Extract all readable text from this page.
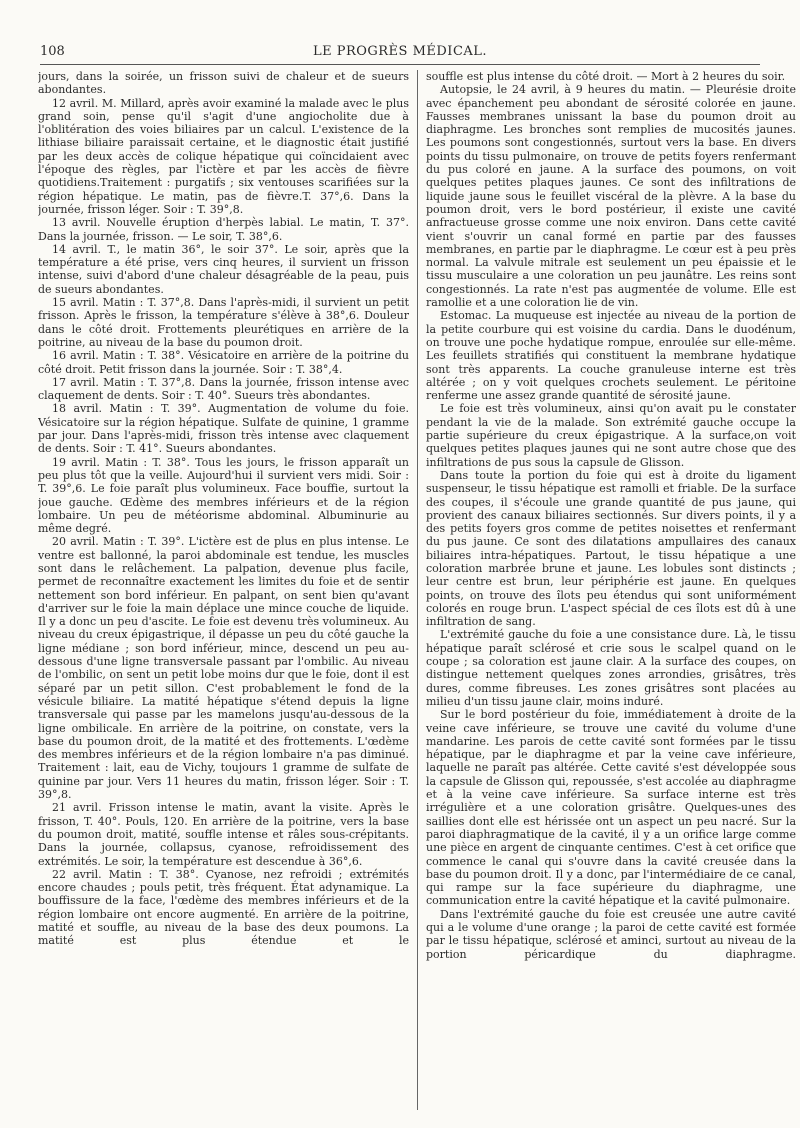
108	LE PROGRÈS MÉDICAL.

jours, dans la soirée, un frisson suivi de chaleur et de sueurs abondantes.

12 avril. M. Millard, après avoir examiné la malade avec le plus grand soin, pense qu'il s'agit d'une angiocholite due à l'oblitération des voies biliaires par un calcul. L'existence de la lithiase biliaire paraissait certaine, et le diagnostic était justifié par les deux accès de colique hépatique qui coïncidaient avec l'époque des règles, par l'ictère et par les accès de fièvre quotidiens.Traitement : purgatifs ; six ventouses scarifiées sur la région hépatique. Le matin, pas de fièvre.T. 37°,6. Dans la journée, frisson léger. Soir : T. 39°,8.

13 avril. Nouvelle éruption d'herpès labial. Le matin, T. 37°. Dans la journée, frisson. — Le soir, T. 38°,6.

14 avril. T., le matin 36°, le soir 37°. Le soir, après que la température a été prise, vers cinq heures, il survient un frisson intense, suivi d'abord d'une chaleur désagréable de la peau, puis de sueurs abondantes.

15 avril. Matin : T. 37°,8. Dans l'après-midi, il survient un petit frisson. Après le frisson, la température s'élève à 38°,6. Douleur dans le côté droit. Frottements pleurétiques en arrière de la poitrine, au niveau de la base du poumon droit.

16 avril. Matin : T. 38°. Vésicatoire en arrière de la poitrine du côté droit. Petit frisson dans la journée. Soir : T. 38°,4.

17 avril. Matin : T. 37°,8. Dans la journée, frisson intense avec claquement de dents. Soir : T. 40°. Sueurs très abondantes.

18 avril. Matin : T. 39°. Augmentation de volume du foie. Vésicatoire sur la région hépatique. Sulfate de quinine, 1 gramme par jour. Dans l'après-midi, frisson très intense avec claquement de dents. Soir : T. 41°. Sueurs abondantes.

19 avril. Matin : T. 38°. Tous les jours, le frisson apparaît un peu plus tôt que la veille. Aujourd'hui il survient vers midi. Soir : T. 39°,6. Le foie paraît plus volumineux. Face bouffie, surtout la joue gauche. Œdème des membres inférieurs et de la région lombaire. Un peu de météorisme abdominal. Albuminurie au même degré.

20 avril. Matin : T. 39°. L'ictère est de plus en plus intense. Le ventre est ballonné, la paroi abdominale est tendue, les muscles sont dans le relâchement. La palpation, devenue plus facile, permet de reconnaître exactement les limites du foie et de sentir nettement son bord inférieur. En palpant, on sent bien qu'avant d'arriver sur le foie la main déplace une mince couche de liquide. Il y a donc un peu d'ascite. Le foie est devenu très volumineux. Au niveau du creux épigastrique, il dépasse un peu du côté gauche la ligne médiane ; son bord inférieur, mince, descend un peu au-dessous d'une ligne transversale passant par l'ombilic. Au niveau de l'ombilic, on sent un petit lobe moins dur que le foie, dont il est séparé par un petit sillon. C'est probablement le fond de la vésicule biliaire. La matité hépatique s'étend depuis la ligne transversale qui passe par les mamelons jusqu'au-dessous de la ligne ombilicale. En arrière de la poitrine, on constate, vers la base du poumon droit, de la matité et des frottements. L'œdème des membres inférieurs et de la région lombaire n'a pas diminué. Traitement : lait, eau de Vichy, toujours 1 gramme de sulfate de quinine par jour. Vers 11 heures du matin, frisson léger. Soir : T. 39°,8.

21 avril. Frisson intense le matin, avant la visite. Après le frisson, T. 40°. Pouls, 120. En arrière de la poitrine, vers la base du poumon droit, matité, souffle intense et râles sous-crépitants. Dans la journée, collapsus, cyanose, refroidissement des extrémités. Le soir, la température est descendue à 36°,6.

22 avril. Matin : T. 38°. Cyanose, nez refroidi ; extrémités encore chaudes ; pouls petit, très fréquent. État adynamique. La bouffissure de la face, l'œdème des membres inférieurs et de la région lombaire ont encore augmenté. En arrière de la poitrine, matité et souffle, au niveau de la base des deux poumons. La matité est plus étendue et le

souffle est plus intense du côté droit. — Mort à 2 heures du soir.

Autopsie, le 24 avril, à 9 heures du matin. — Pleurésie droite avec épanchement peu abondant de sérosité colorée en jaune. Fausses membranes unissant la base du poumon droit au diaphragme. Les bronches sont remplies de mucosités jaunes. Les poumons sont congestionnés, surtout vers la base. En divers points du tissu pulmonaire, on trouve de petits foyers renfermant du pus coloré en jaune. A la surface des poumons, on voit quelques petites plaques jaunes. Ce sont des infiltrations de liquide jaune sous le feuillet viscéral de la plèvre. A la base du poumon droit, vers le bord postérieur, il existe une cavité anfractueuse grosse comme une noix environ. Dans cette cavité vient s'ouvrir un canal formé en partie par des fausses membranes, en partie par le diaphragme. Le cœur est à peu près normal. La valvule mitrale est seulement un peu épaissie et le tissu musculaire a une coloration un peu jaunâtre. Les reins sont congestionnés. La rate n'est pas augmentée de volume. Elle est ramollie et a une coloration lie de vin.

Estomac. La muqueuse est injectée au niveau de la portion de la petite courbure qui est voisine du cardia. Dans le duodénum, on trouve une poche hydatique rompue, enroulée sur elle-même. Les feuillets stratifiés qui constituent la membrane hydatique sont très apparents. La couche granuleuse interne est très altérée ; on y voit quelques crochets seulement. Le péritoine renferme une assez grande quantité de sérosité jaune.

Le foie est très volumineux, ainsi qu'on avait pu le constater pendant la vie de la malade. Son extrémité gauche occupe la partie supérieure du creux épigastrique. A la surface,on voit quelques petites plaques jaunes qui ne sont autre chose que des infiltrations de pus sous la capsule de Glisson.

Dans toute la portion du foie qui est à droite du ligament suspenseur, le tissu hépatique est ramolli et friable. De la surface des coupes, il s'écoule une grande quantité de pus jaune, qui provient des canaux biliaires sectionnés. Sur divers points, il y a des petits foyers gros comme de petites noisettes et renfermant du pus jaune. Ce sont des dilatations ampullaires des canaux biliaires intra-hépatiques. Partout, le tissu hépatique a une coloration marbrée brune et jaune. Les lobules sont distincts ; leur centre est brun, leur périphérie est jaune. En quelques points, on trouve des îlots peu étendus qui sont uniformément colorés en rouge brun. L'aspect spécial de ces îlots est dû à une infiltration de sang.

L'extrémité gauche du foie a une consistance dure. Là, le tissu hépatique paraît sclérosé et crie sous le scalpel quand on le coupe ; sa coloration est jaune clair. A la surface des coupes, on distingue nettement quelques zones arrondies, grisâtres, très dures, comme fibreuses. Les zones grisâtres sont placées au milieu d'un tissu jaune clair, moins induré.

Sur le bord postérieur du foie, immédiatement à droite de la veine cave inférieure, se trouve une cavité du volume d'une mandarine. Les parois de cette cavité sont formées par le tissu hépatique, par le diaphragme et par la veine cave inférieure, laquelle ne paraît pas altérée. Cette cavité s'est développée sous la capsule de Glisson qui, repoussée, s'est accolée au diaphragme et à la veine cave inférieure. Sa surface interne est très irrégulière et a une coloration grisâtre. Quelques-unes des saillies dont elle est hérissée ont un aspect un peu nacré. Sur la paroi diaphragmatique de la cavité, il y a un orifice large comme une pièce en argent de cinquante centimes. C'est à cet orifice que commence le canal qui s'ouvre dans la cavité creusée dans la base du poumon droit. Il y a donc, par l'intermédiaire de ce canal, qui rampe sur la face supérieure du diaphragme, une communication entre la cavité hépatique et la cavité pulmonaire.

Dans l'extrémité gauche du foie est creusée une autre cavité qui a le volume d'une orange ; la paroi de cette cavité est formée par le tissu hépatique, sclérosé et aminci, surtout au niveau de la portion péricardique du diaphragme.
